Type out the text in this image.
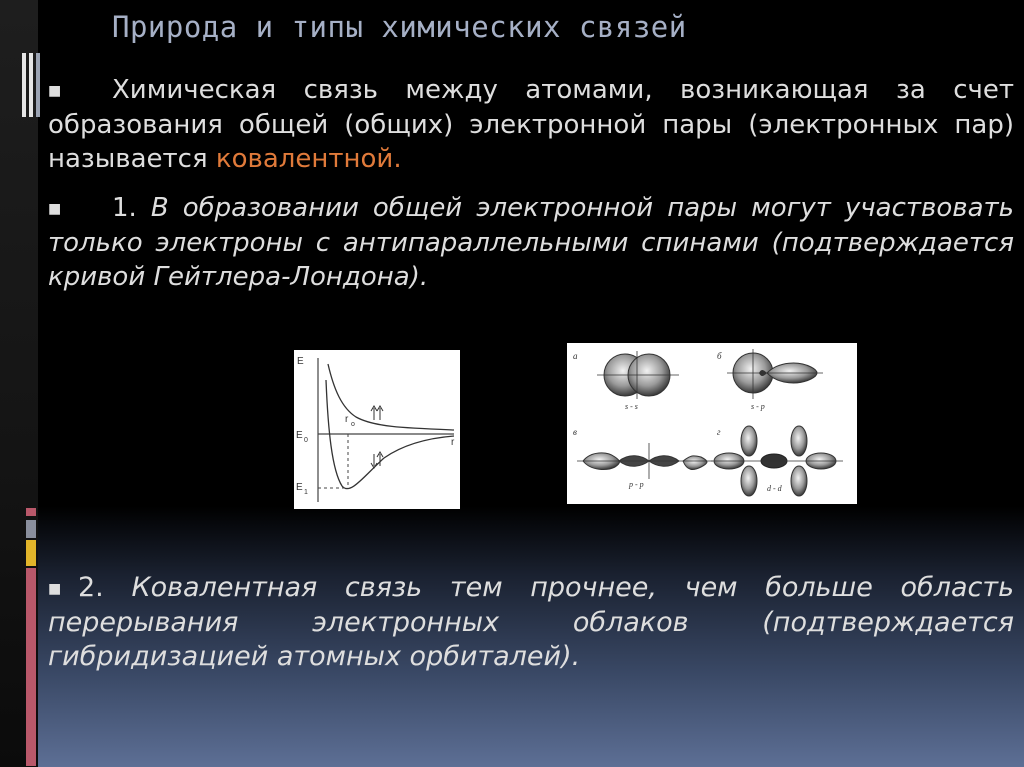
Природа и типы химических связей
■ Химическая связь между атомами, возникающая за счет образования общей (общих) электронной пары (электронных пар) называется ковалентной.
■ 1. В образовании общей электронной пары могут участвовать только электроны с антипараллельными спинами (подтверждается кривой Гейтлера-Лондона).
E
E 0
E 1
r o
r
а
s - s
б
s - p
в
p - p
г
d - d
■ 2. Ковалентная связь тем прочнее, чем больше область перерывания электронных облаков (подтверждается гибридизацией атомных орбиталей).
